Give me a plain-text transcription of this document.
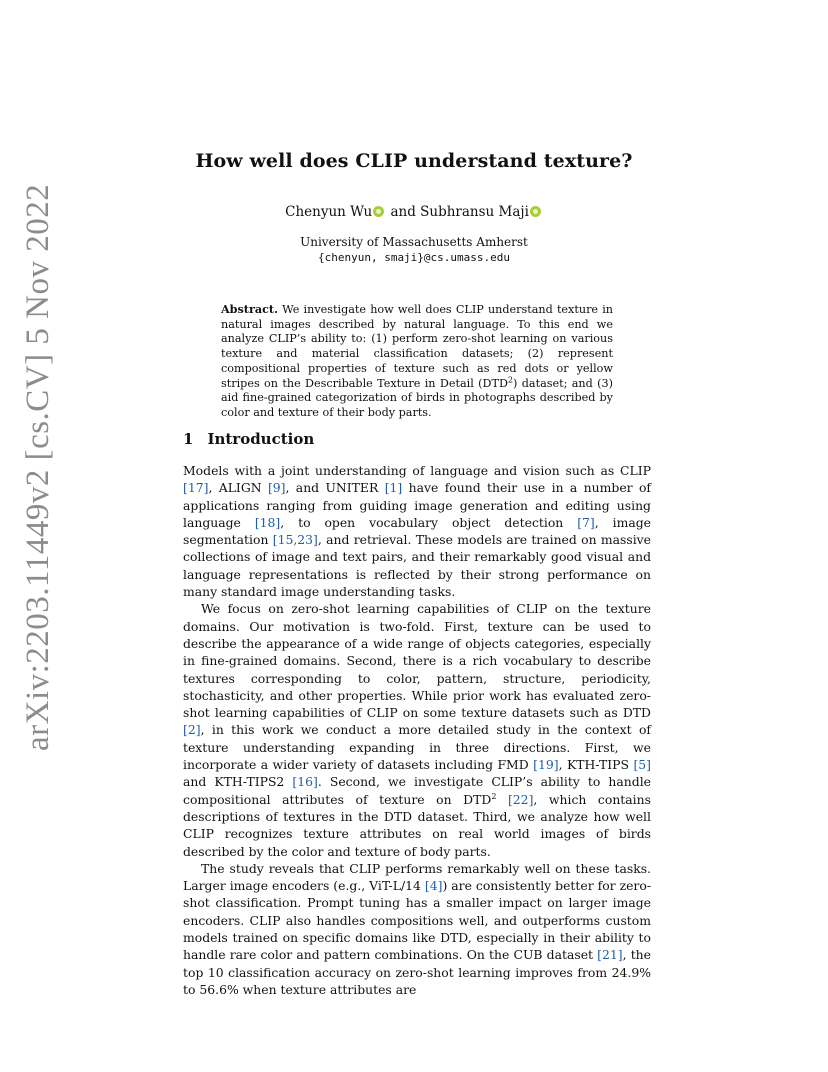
arXiv:2203.11449v2 [cs.CV] 5 Nov 2022
How well does CLIP understand texture?
Chenyun Wu and Subhransu Maji
University of Massachusetts Amherst
{chenyun, smaji}@cs.umass.edu

Abstract. We investigate how well does CLIP understand texture in natural images described by natural language. To this end we analyze CLIP’s ability to: (1) perform zero-shot learning on various texture and material classification datasets; (2) represent compositional properties of texture such as red dots or yellow stripes on the Describable Texture in Detail (DTD$^2$) dataset; and (3) aid fine-grained categorization of birds in photographs described by color and texture of their body parts.

1 Introduction

Models with a joint understanding of language and vision such as CLIP [17], ALIGN [9], and UNITER [1] have found their use in a number of applications ranging from guiding image generation and editing using language [18], to open vocabulary object detection [7], image segmentation [15,23], and retrieval. These models are trained on massive collections of image and text pairs, and their remarkably good visual and language representations is reflected by their strong performance on many standard image understanding tasks.

We focus on zero-shot learning capabilities of CLIP on the texture domains. Our motivation is two-fold. First, texture can be used to describe the appearance of a wide range of objects categories, especially in fine-grained domains. Second, there is a rich vocabulary to describe textures corresponding to color, pattern, structure, periodicity, stochasticity, and other properties. While prior work has evaluated zero-shot learning capabilities of CLIP on some texture datasets such as DTD [2], in this work we conduct a more detailed study in the context of texture understanding expanding in three directions. First, we incorporate a wider variety of datasets including FMD [19], KTH-TIPS [5] and KTH-TIPS2 [16]. Second, we investigate CLIP’s ability to handle compositional attributes of texture on DTD$^2$ [22], which contains descriptions of textures in the DTD dataset. Third, we analyze how well CLIP recognizes texture attributes on real world images of birds described by the color and texture of body parts.

The study reveals that CLIP performs remarkably well on these tasks. Larger image encoders (e.g., ViT-L/14 [4]) are consistently better for zero-shot classification. Prompt tuning has a smaller impact on larger image encoders. CLIP also handles compositions well, and outperforms custom models trained on specific domains like DTD, especially in their ability to handle rare color and pattern combinations. On the CUB dataset [21], the top 10 classification accuracy on zero-shot learning improves from 24.9% to 56.6% when texture attributes are
